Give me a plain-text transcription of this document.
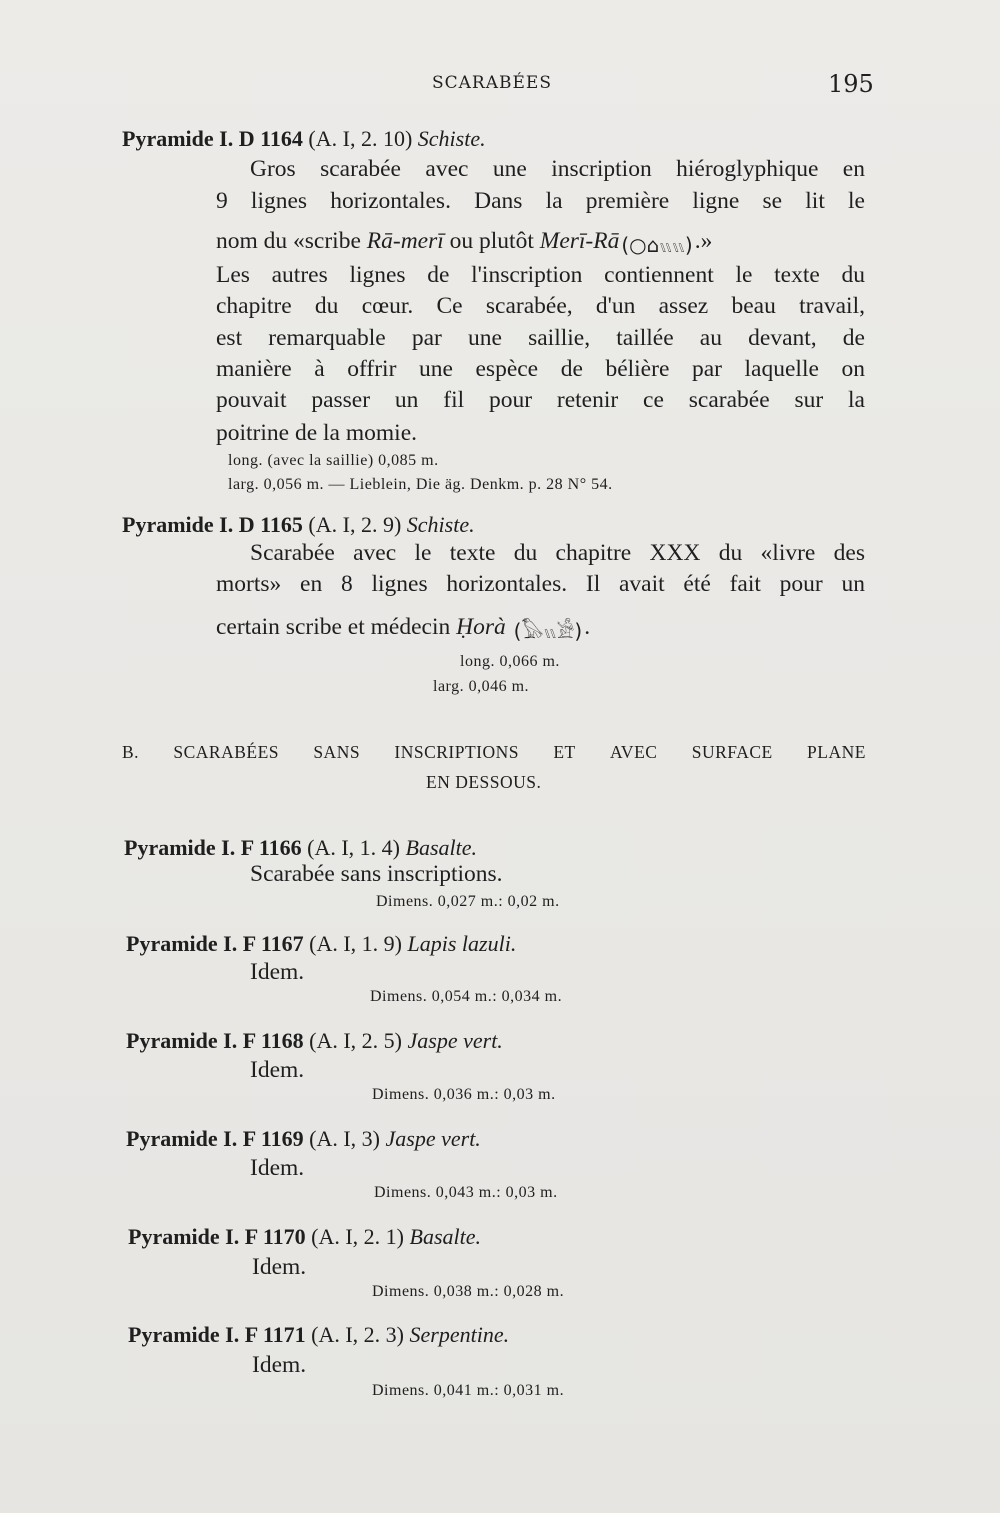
SCARABÉES	195
Pyramide I. D 1164 (A. I, 2. 10) Schiste.
Gros scarabée avec une inscription hiéroglyphique en
9 lignes horizontales. Dans la première ligne se lit le
nom du «scribe Rā-merī ou plutôt Merī-Rā (○⌂𓏭𓏭).»
Les autres lignes de l'inscription contiennent le texte du
chapitre du cœur. Ce scarabée, d'un assez beau travail,
est remarquable par une saillie, taillée au devant, de
manière à offrir une espèce de bélière par laquelle on
pouvait passer un fil pour retenir ce scarabée sur la
poitrine de la momie.
long. (avec la saillie) 0,085 m.
larg. 0,056 m. — Lieblein, Die äg. Denkm. p. 28 N° 54.
Pyramide I. D 1165 (A. I, 2. 9) Schiste.
Scarabée avec le texte du chapitre XXX du «livre des
morts» en 8 lignes horizontales. Il avait été fait pour un
certain scribe et médecin Ḥorà (𓅃𓏭𓀀).
long. 0,066 m.
larg. 0,046 m.
B. SCARABÉES SANS INSCRIPTIONS ET AVEC SURFACE PLANE
EN DESSOUS.
Pyramide I. F 1166 (A. I, 1. 4) Basalte.
Scarabée sans inscriptions.
Dimens. 0,027 m.: 0,02 m.
Pyramide I. F 1167 (A. I, 1. 9) Lapis lazuli.
Idem.
Dimens. 0,054 m.: 0,034 m.
Pyramide I. F 1168 (A. I, 2. 5) Jaspe vert.
Idem.
Dimens. 0,036 m.: 0,03 m.
Pyramide I. F 1169 (A. I, 3) Jaspe vert.
Idem.
Dimens. 0,043 m.: 0,03 m.
Pyramide I. F 1170 (A. I, 2. 1) Basalte.
Idem.
Dimens. 0,038 m.: 0,028 m.
Pyramide I. F 1171 (A. I, 2. 3) Serpentine.
Idem.
Dimens. 0,041 m.: 0,031 m.
